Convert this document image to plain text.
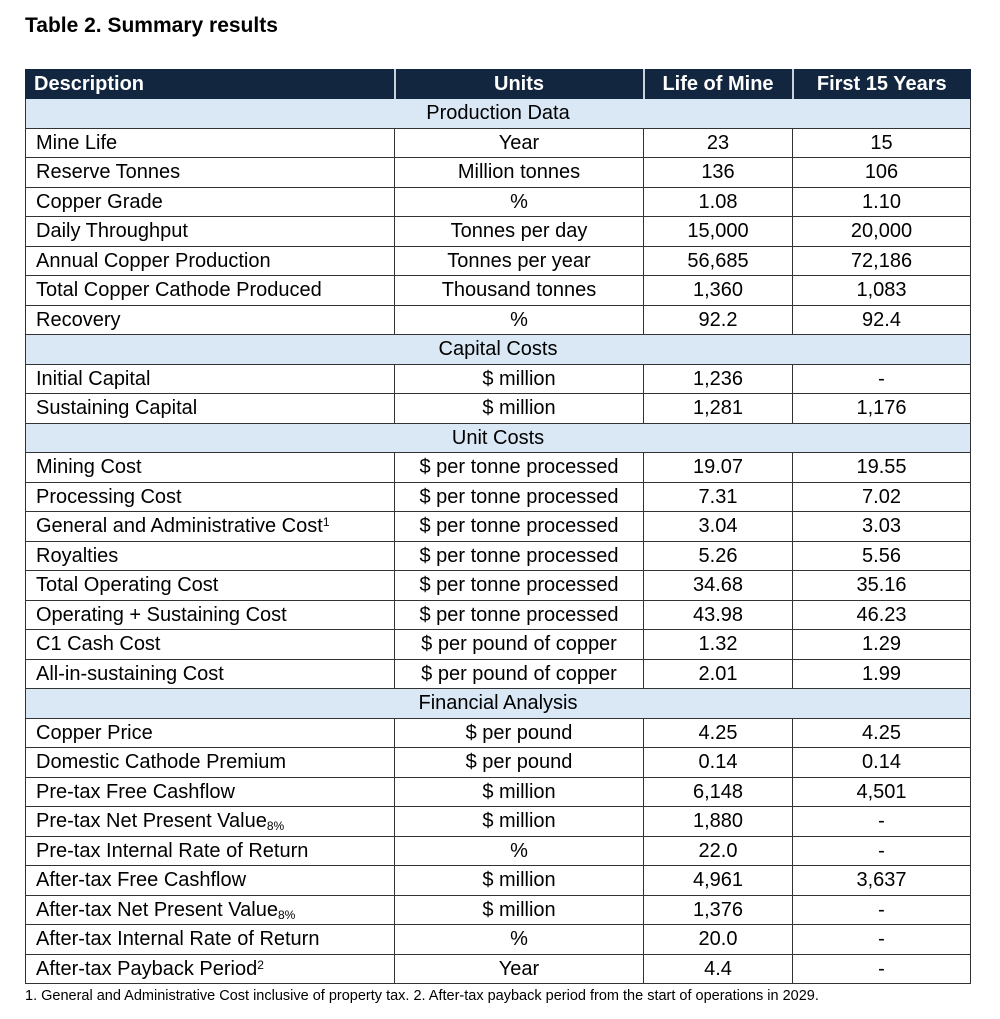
Table 2. Summary results
Description	Units	Life of Mine	First 15 Years
Production Data			
Mine Life	Year	23	15
Reserve Tonnes	Million tonnes	136	106
Copper Grade	%	1.08	1.10
Daily Throughput	Tonnes per day	15,000	20,000
Annual Copper Production	Tonnes per year	56,685	72,186
Total Copper Cathode Produced	Thousand tonnes	1,360	1,083
Recovery	%	92.2	92.4
Capital Costs			
Initial Capital	$ million	1,236	-
Sustaining Capital	$ million	1,281	1,176
Unit Costs			
Mining Cost	$ per tonne processed	19.07	19.55
Processing Cost	$ per tonne processed	7.31	7.02
General and Administrative Cost$^1$	$ per tonne processed	3.04	3.03
Royalties	$ per tonne processed	5.26	5.56
Total Operating Cost	$ per tonne processed	34.68	35.16
Operating + Sustaining Cost	$ per tonne processed	43.98	46.23
C1 Cash Cost	$ per pound of copper	1.32	1.29
All-in-sustaining Cost	$ per pound of copper	2.01	1.99
Financial Analysis			
Copper Price	$ per pound	4.25	4.25
Domestic Cathode Premium	$ per pound	0.14	0.14
Pre-tax Free Cashflow	$ million	6,148	4,501
Pre-tax Net Present Value$_{8\%}$	$ million	1,880	-
Pre-tax Internal Rate of Return	%	22.0	-
After-tax Free Cashflow	$ million	4,961	3,637
After-tax Net Present Value$_{8\%}$	$ million	1,376	-
After-tax Internal Rate of Return	%	20.0	-
After-tax Payback Period$^2$	Year	4.4	-
1. General and Administrative Cost inclusive of property tax. 2. After-tax payback period from the start of operations in 2029.
